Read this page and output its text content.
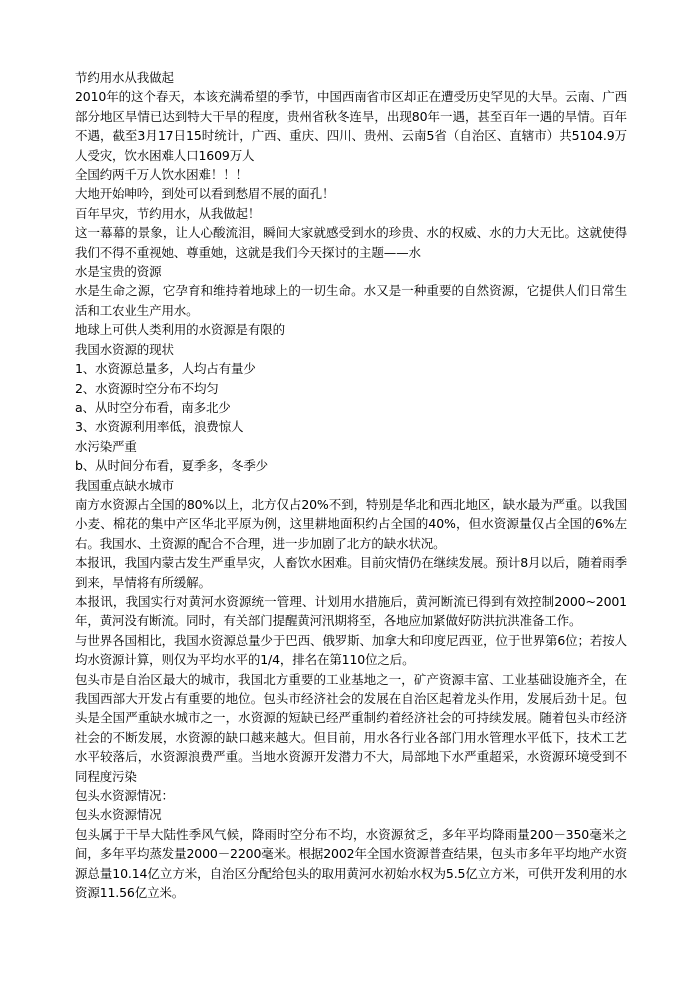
节约用水从我做起

2010年的这个春天，本该充满希望的季节，中国西南省市区却正在遭受历史罕见的大旱。云南、广西部分地区旱情已达到特大干旱的程度，贵州省秋冬连旱，出现80年一遇，甚至百年一遇的旱情。百年不遇，截至3月17日15时统计，广西、重庆、四川、贵州、云南5省（自治区、直辖市）共5104.9万人受灾，饮水困难人口1609万人

全国约两千万人饮水困难！！！

大地开始呻吟，到处可以看到愁眉不展的面孔！

百年早灾，节约用水，从我做起！

这一幕幕的景象，让人心酸流泪，瞬间大家就感受到水的珍贵、水的权威、水的力大无比。这就使得我们不得不重视她、尊重她，这就是我们今天探讨的主题——水

水是宝贵的资源

水是生命之源，它孕育和维持着地球上的一切生命。水又是一种重要的自然资源，它提供人们日常生活和工农业生产用水。

地球上可供人类利用的水资源是有限的

我国水资源的现状

1、水资源总量多，人均占有量少

2、水资源时空分布不均匀

a、从时空分布看，南多北少

3、水资源利用率低，浪费惊人

水污染严重

b、从时间分布看，夏季多，冬季少

我国重点缺水城市

南方水资源占全国的80%以上，北方仅占20%不到，特别是华北和西北地区，缺水最为严重。以我国小麦、棉花的集中产区华北平原为例，这里耕地面积约占全国的40%，但水资源量仅占全国的6%左右。我国水、土资源的配合不合理，进一步加剧了北方的缺水状况。

本报讯，我国内蒙古发生严重旱灾，人畜饮水困难。目前灾情仍在继续发展。预计8月以后，随着雨季到来，旱情将有所缓解。

本报讯，我国实行对黄河水资源统一管理、计划用水措施后，黄河断流已得到有效控制2000~2001年，黄河没有断流。同时，有关部门提醒黄河汛期将至，各地应加紧做好防洪抗洪准备工作。

与世界各国相比，我国水资源总量少于巴西、俄罗斯、加拿大和印度尼西亚，位于世界第6位；若按人均水资源计算，则仅为平均水平的1/4，排名在第110位之后。

包头市是自治区最大的城市，我国北方重要的工业基地之一，矿产资源丰富、工业基础设施齐全，在我国西部大开发占有重要的地位。包头市经济社会的发展在自治区起着龙头作用，发展后劲十足。包头是全国严重缺水城市之一，水资源的短缺已经严重制约着经济社会的可持续发展。随着包头市经济社会的不断发展，水资源的缺口越来越大。但目前，用水各行业各部门用水管理水平低下，技术工艺水平较落后，水资源浪费严重。当地水资源开发潜力不大，局部地下水严重超采，水资源环境受到不同程度污染

包头水资源情况：

包头水资源情况

包头属于干旱大陆性季风气候，降雨时空分布不均，水资源贫乏，多年平均降雨量200－350毫米之间，多年平均蒸发量2000－2200毫米。根据2002年全国水资源普查结果，包头市多年平均地产水资源总量10.14亿立方米，自治区分配给包头的取用黄河水初始水权为5.5亿立方米，可供开发利用的水资源11.56亿立米。
